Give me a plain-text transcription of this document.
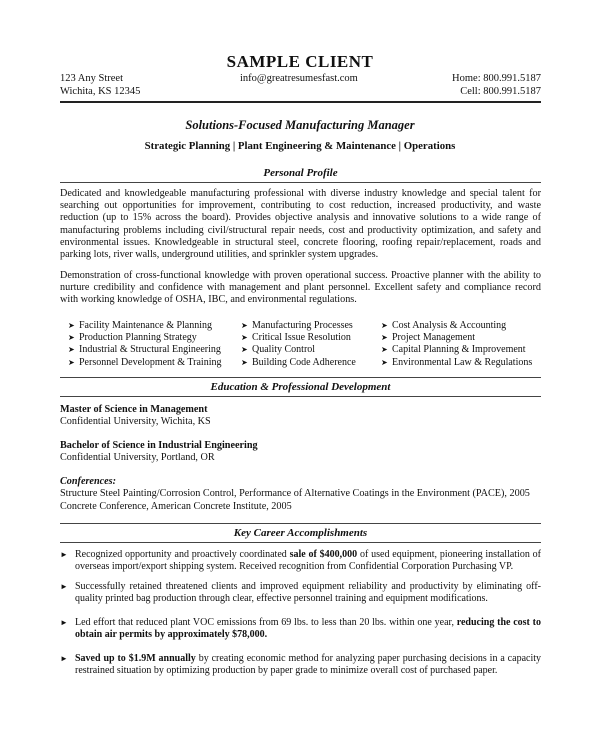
SAMPLE CLIENT
123 Any Street
Wichita, KS 12345
info@greatresumesfast.com	Home: 800.991.5187
Cell: 800.991.5187
Solutions-Focused Manufacturing Manager
Strategic Planning | Plant Engineering & Maintenance | Operations
Personal Profile
Dedicated and knowledgeable manufacturing professional with diverse industry knowledge and special talent for searching out opportunities for improvement, contributing to cost reduction, increased productivity, and waste reduction (up to 15% across the board). Provides objective analysis and innovative solutions to a wide range of manufacturing problems including civil/structural repair needs, cost and productivity optimization, and safety and environmental issues. Knowledgeable in structural steel, concrete flooring, roofing repair/replacement, roads and parking lots, river walls, underground utilities, and sprinkler system upgrades.
Demonstration of cross-functional knowledge with proven operational success. Proactive planner with the ability to nurture credibility and confidence with management and plant personnel. Excellent safety and compliance record with working knowledge of OSHA, IBC, and environmental regulations.
➤ Facility Maintenance & Planning
➤ Production Planning Strategy
➤ Industrial & Structural Engineering
➤ Personnel Development & Training
➤ Manufacturing Processes
➤ Critical Issue Resolution
➤ Quality Control
➤ Building Code Adherence
➤ Cost Analysis & Accounting
➤ Project Management
➤ Capital Planning & Improvement
➤ Environmental Law & Regulations
Education & Professional Development
Master of Science in Management
Confidential University, Wichita, KS
Bachelor of Science in Industrial Engineering
Confidential University, Portland, OR
Conferences:
Structure Steel Painting/Corrosion Control, Performance of Alternative Coatings in the Environment (PACE), 2005
Concrete Conference, American Concrete Institute, 2005
Key Career Accomplishments
► Recognized opportunity and proactively coordinated sale of $400,000 of used equipment, pioneering installation of overseas import/export shipping system. Received recognition from Confidential Corporation Purchasing VP.
► Successfully retained threatened clients and improved equipment reliability and productivity by eliminating off-quality printed bag production through clear, effective personnel training and equipment modifications.
► Led effort that reduced plant VOC emissions from 69 lbs. to less than 20 lbs. within one year, reducing the cost to obtain air permits by approximately $78,000.
► Saved up to $1.9M annually by creating economic method for analyzing paper purchasing decisions in a capacity restrained situation by optimizing production by paper grade to minimize overall cost of purchased paper.
